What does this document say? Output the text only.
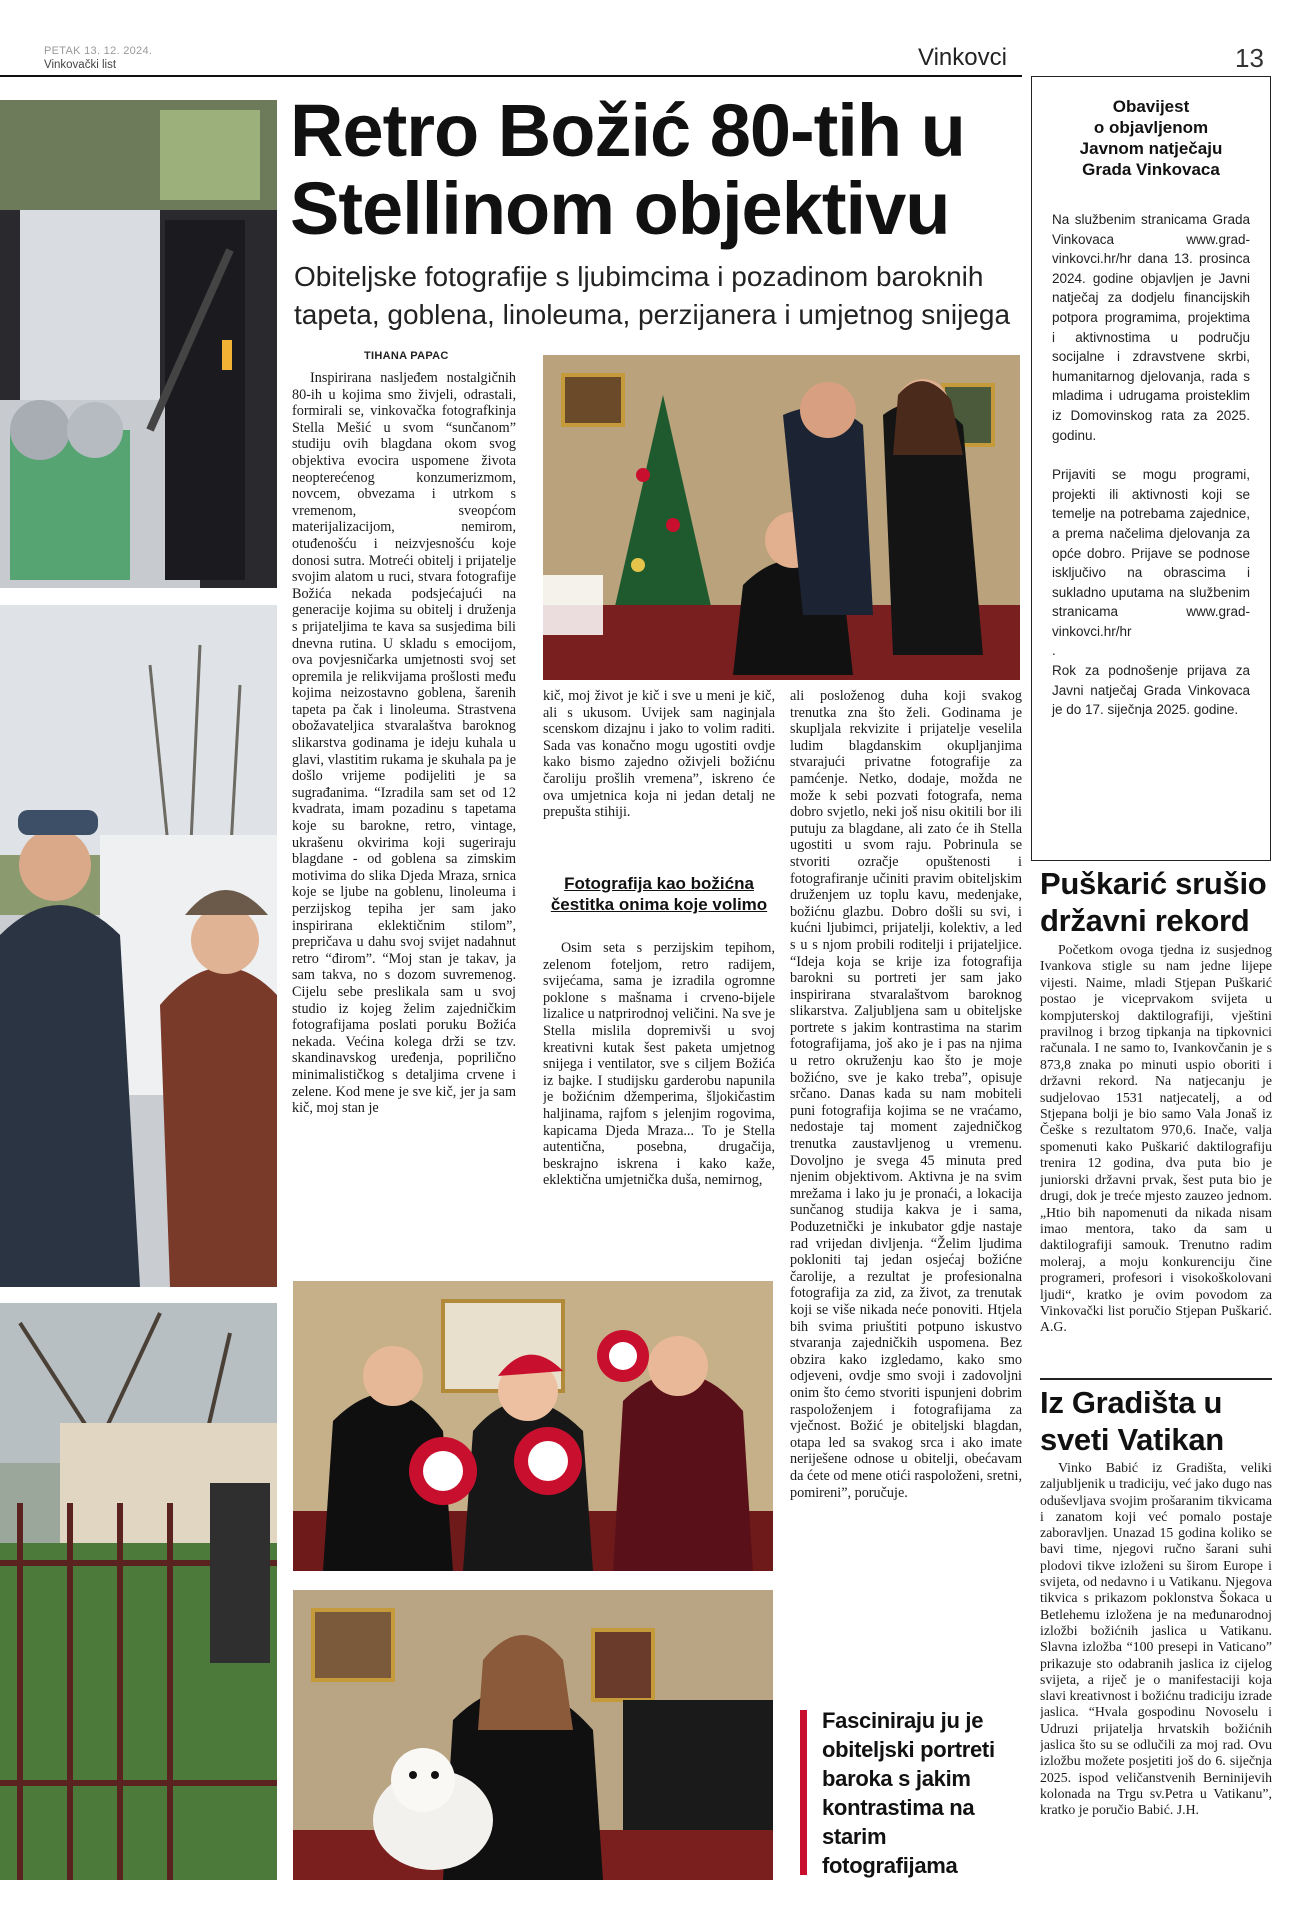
PETAK 13. 12. 2024.
Vinkovački list	Vinkovci	13
Retro Božić 80-tih u
Stellinom objektivu
Obiteljske fotografije s ljubimcima i pozadinom baroknih
tapeta, goblena, linoleuma, perzijanera i umjetnog snijega
TIHANA PAPAC

Inspirirana nasljeđem nostalgičnih 80-ih u kojima smo živjeli, odrastali, formirali se, vinkovačka fotografkinja Stella Mešić u svom “sunčanom” studiju ovih blagdana okom svog objektiva evocira uspomene života neopterećenog konzumerizmom, novcem, obvezama i utrkom s vremenom, sveopćom materijalizacijom, nemirom, otuđenošću i neizvjesnošću koje donosi sutra. Motreći obitelj i prijatelje svojim alatom u ruci, stvara fotografije Božića nekada podsjećajući na generacije kojima su obitelj i druženja s prijateljima te kava sa susjedima bili dnevna rutina. U skladu s emocijom, ova povjesničarka umjetnosti svoj set opremila je relikvijama prošlosti među kojima neizostavno goblena, šarenih tapeta pa čak i linoleuma. Strastvena obožavateljica stvaralaštva baroknog slikarstva godinama je ideju kuhala u glavi, vlastitim rukama je skuhala pa je došlo vrijeme podijeliti je sa sugrađanima. “Izradila sam set od 12 kvadrata, imam pozadinu s tapetama koje su barokne, retro, vintage, ukrašenu okvirima koji sugeriraju blagdane - od goblena sa zimskim motivima do slika Djeda Mraza, srnica koje se ljube na goblenu, linoleuma i perzijskog tepiha jer sam jako inspirirana eklektičnim stilom”, prepričava u dahu svoj svijet nadahnut retro “đirom”. “Moj stan je takav, ja sam takva, no s dozom suvremenog. Cijelu sebe preslikala sam u svoj studio iz kojeg želim zajedničkim fotografijama poslati poruku Božića nekada. Većina kolega drži se tzv. skandinavskog uređenja, poprilično minimalističkog s detaljima crvene i zelene. Kod mene je sve kič, jer ja sam kič, moj stan je

kič, moj život je kič i sve u meni je kič, ali s ukusom. Uvijek sam naginjala scenskom dizajnu i jako to volim raditi. Sada vas konačno mogu ugostiti ovdje kako bismo zajedno oživjeli božićnu čaroliju prošlih vremena”, iskreno će ova umjetnica koja ni jedan detalj ne prepušta stihiji.

Fotografija kao božićna čestitka onima koje volimo

Osim seta s perzijskim tepihom, zelenom foteljom, retro radijem, svijećama, sama je izradila ogromne poklone s mašnama i crveno-bijele lizalice u natprirodnoj veličini. Na sve je Stella mislila dopremivši u svoj kreativni kutak šest paketa umjetnog snijega i ventilator, sve s ciljem Božića iz bajke. I studijsku garderobu napunila je božićnim džemperima, šljokičastim haljinama, rajfom s jelenjim rogovima, kapicama Djeda Mraza... To je Stella autentična, posebna, drugačija, beskrajno iskrena i kako kaže, eklektična umjetnička duša, nemirnog,

ali posloženog duha koji svakog trenutka zna što želi. Godinama je skupljala rekvizite i prijatelje veselila ludim blagdanskim okupljanjima stvarajući privatne fotografije za pamćenje. Netko, dodaje, možda ne može k sebi pozvati fotografa, nema dobro svjetlo, neki još nisu okitili bor ili putuju za blagdane, ali zato će ih Stella ugostiti u svom raju. Pobrinula se stvoriti ozračje opuštenosti i fotografiranje učiniti pravim obiteljskim druženjem uz toplu kavu, medenjake, božićnu glazbu. Dobro došli su svi, i kućni ljubimci, prijatelji, kolektiv, a led s u s njom probili roditelji i prijateljice. “Ideja koja se krije iza fotografija barokni su portreti jer sam jako inspirirana stvaralaštvom baroknog slikarstva. Zaljubljena sam u obiteljske portrete s jakim kontrastima na starim fotografijama, još ako je i pas na njima u retro okruženju kao što je moje božićno, sve je kako treba”, opisuje srčano. Danas kada su nam mobiteli puni fotografija kojima se ne vraćamo, nedostaje taj moment zajedničkog trenutka zaustavljenog u vremenu. Dovoljno je svega 45 minuta pred njenim objektivom. Aktivna je na svim mrežama i lako ju je pronaći, a lokacija sunčanog studija kakva je i sama, Poduzetnički je inkubator gdje nastaje rad vrijedan divljenja. “Želim ljudima pokloniti taj jedan osjećaj božićne čarolije, a rezultat je profesionalna fotografija za zid, za život, za trenutak koji se više nikada neće ponoviti. Htjela bih svima priuštiti potpuno iskustvo stvaranja zajedničkih uspomena. Bez obzira kako izgledamo, kako smo odjeveni, ovdje smo svoji i zadovoljni onim što ćemo stvoriti ispunjeni dobrim raspoloženjem i fotografijama za vječnost. Božić je obiteljski blagdan, otapa led sa svakog srca i ako imate neriješene odnose u obitelji, obećavam da ćete od mene otići raspoloženi, sretni, pomireni”, poručuje.

Fasciniraju ju je obiteljski portreti baroka s jakim kontrastima na starim fotografijama
Obavijest
o objavljenom
Javnom natječaju
Grada Vinkovaca
Na službenim stranicama Grada Vinkovaca www.grad-vinkovci.hr/hr dana 13. prosinca 2024. godine objavljen je Javni natječaj za dodjelu financijskih potpora programima, projektima i aktivnostima u području socijalne i zdravstvene skrbi, humanitarnog djelovanja, rada s mladima i udrugama proisteklim iz Domovinskog rata za 2025. godinu.
Prijaviti se mogu programi, projekti ili aktivnosti koji se temelje na potrebama zajednice, a prema načelima djelovanja za opće dobro. Prijave se podnose isključivo na obrascima i sukladno uputama na službenim stranicama www.grad-vinkovci.hr/hr
.
Rok za podnošenje prijava za Javni natječaj Grada Vinkovaca je do 17. siječnja 2025. godine.
Puškarić srušio
državni rekord

Početkom ovoga tjedna iz susjednog Ivankova stigle su nam jedne lijepe vijesti. Naime, mladi Stjepan Puškarić postao je viceprvakom svijeta u kompjuterskoj daktilografiji, vještini pravilnog i brzog tipkanja na tipkovnici računala. I ne samo to, Ivankovčanin je s 873,8 znaka po minuti uspio oboriti i državni rekord. Na natjecanju je sudjelovao 1531 natjecatelj, a od Stjepana bolji je bio samo Vala Jonaš iz Češke s rezultatom 970,6. Inače, valja spomenuti kako Puškarić daktilografiju trenira 12 godina, dva puta bio je juniorski državni prvak, šest puta bio je drugi, dok je treće mjesto zauzeo jednom. „Htio bih napomenuti da nikada nisam imao mentora, tako da sam u daktilografiji samouk. Trenutno radim moleraj, a moju konkurenciju čine programeri, profesori i visokoškolovani ljudi“, kratko je ovim povodom za Vinkovački list poručio Stjepan Puškarić. A.G.

Iz Gradišta u
sveti Vatikan

Vinko Babić iz Gradišta, veliki zaljubljenik u tradiciju, već jako dugo nas oduševljava svojim prošaranim tikvicama i zanatom koji već pomalo postaje zaboravljen. Unazad 15 godina koliko se bavi time, njegovi ručno šarani suhi plodovi tikve izloženi su širom Europe i svijeta, od nedavno i u Vatikanu. Njegova tikvica s prikazom poklonstva Šokaca u Betlehemu izložena je na međunarodnoj izložbi božićnih jaslica u Vatikanu. Slavna izložba “100 presepi in Vaticano” prikazuje sto odabranih jaslica iz cijelog svijeta, a riječ je o manifestaciji koja slavi kreativnost i božićnu tradiciju izrade jaslica. “Hvala gospodinu Novoselu i Udruzi prijatelja hrvatskih božićnih jaslica što su se odlučili za moj rad. Ovu izložbu možete posjetiti još do 6. siječnja 2025. ispod veličanstvenih Berninijevih kolonada na Trgu sv.Petra u Vatikanu”, kratko je poručio Babić. J.H.
